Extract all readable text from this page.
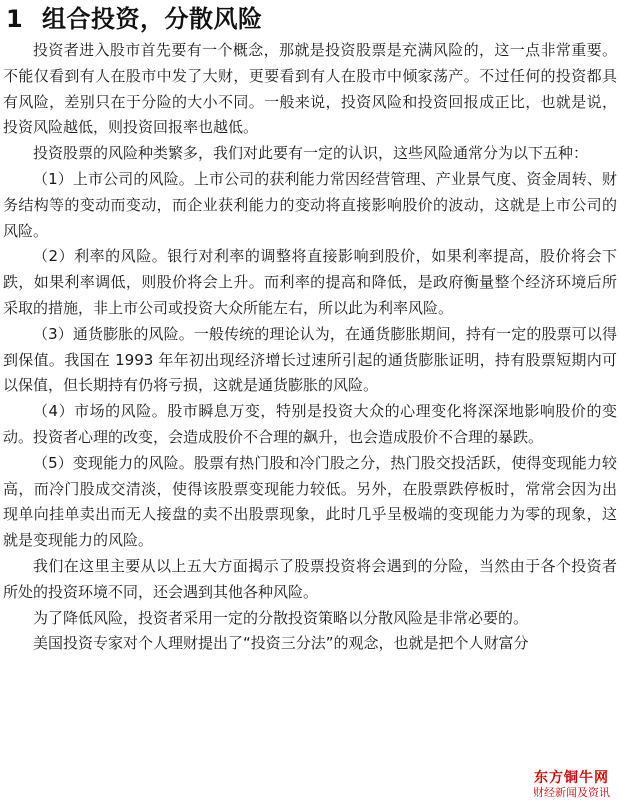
1 组合投资，分散风险

投资者进入股市首先要有一个概念，那就是投资股票是充满风险的，这一点非常重要。不能仅看到有人在股市中发了大财，更要看到有人在股市中倾家荡产。不过任何的投资都具有风险，差别只在于分险的大小不同。一般来说，投资风险和投资回报成正比，也就是说，投资风险越低，则投资回报率也越低。

投资股票的风险种类繁多，我们对此要有一定的认识，这些风险通常分为以下五种：

（1）上市公司的风险。上市公司的获利能力常因经营管理、产业景气度、资金周转、财务结构等的变动而变动，而企业获利能力的变动将直接影响股价的波动，这就是上市公司的风险。

（2）利率的风险。银行对利率的调整将直接影响到股价，如果利率提高，股价将会下跌，如果利率调低，则股价将会上升。而利率的提高和降低，是政府衡量整个经济环境后所采取的措施，非上市公司或投资大众所能左右，所以此为利率风险。

（3）通货膨胀的风险。一般传统的理论认为，在通货膨胀期间，持有一定的股票可以得到保值。我国在 1993 年年初出现经济增长过速所引起的通货膨胀证明，持有股票短期内可以保值，但长期持有仍将亏损，这就是通货膨胀的风险。

（4）市场的风险。股市瞬息万变，特别是投资大众的心理变化将深深地影响股价的变动。投资者心理的改变，会造成股价不合理的飙升，也会造成股价不合理的暴跌。

（5）变现能力的风险。股票有热门股和冷门股之分，热门股交投活跃，使得变现能力较高，而冷门股成交清淡，使得该股票变现能力较低。另外，在股票跌停板时，常常会因为出现单向挂单卖出而无人接盘的卖不出股票现象，此时几乎呈极端的变现能力为零的现象，这就是变现能力的风险。

我们在这里主要从以上五大方面揭示了股票投资将会遇到的分险，当然由于各个投资者所处的投资环境不同，还会遇到其他各种风险。

为了降低风险，投资者采用一定的分散投资策略以分散风险是非常必要的。

美国投资专家对个人理财提出了“投资三分法”的观念，也就是把个人财富分

东方铜牛网
财经新闻及资讯
